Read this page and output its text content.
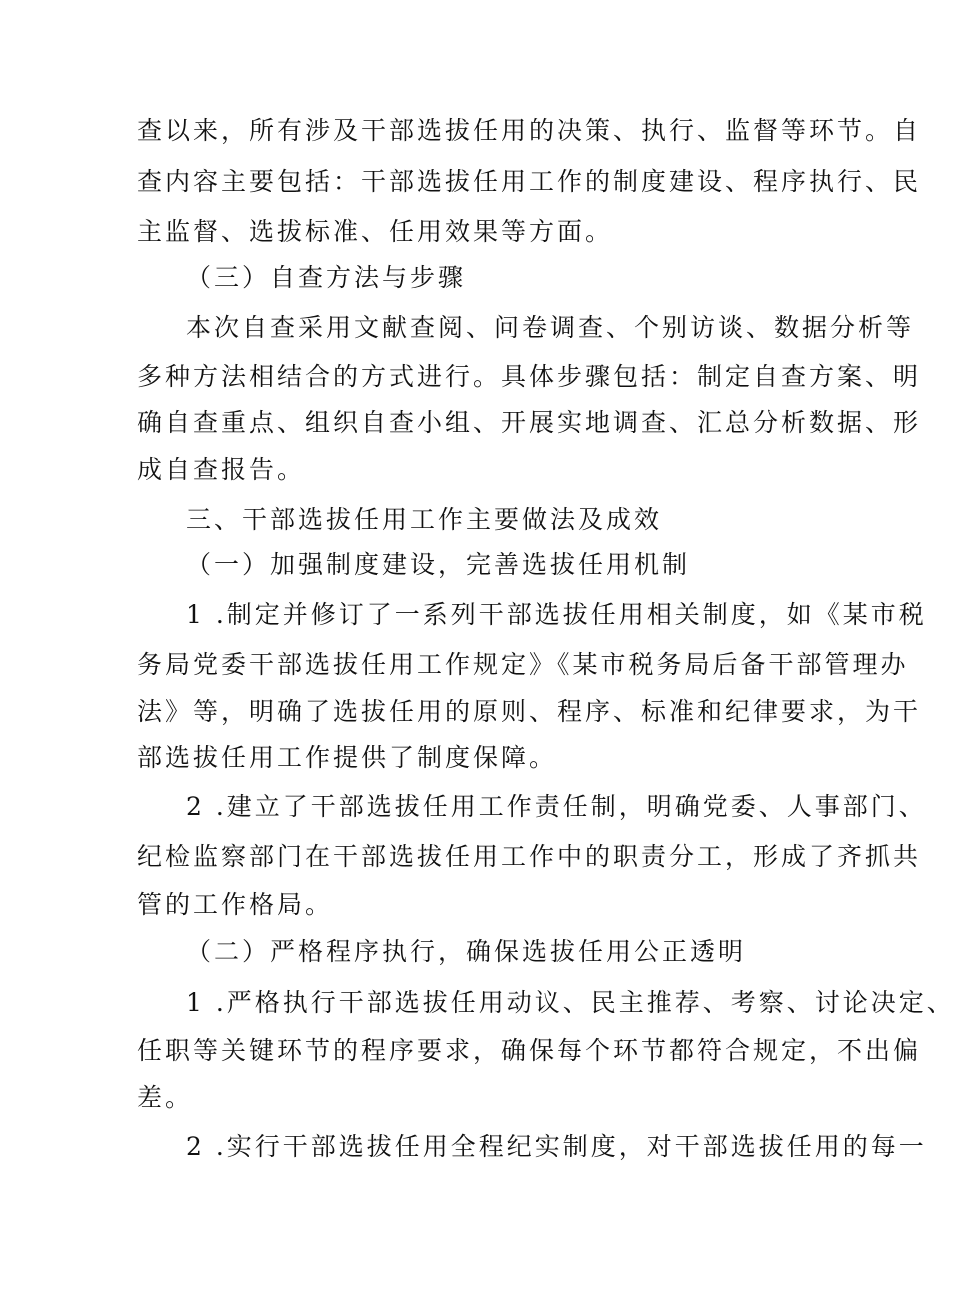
查以来，所有涉及干部选拔任用的决策、执行、监督等环节。自
查内容主要包括：干部选拔任用工作的制度建设、程序执行、民
主监督、选拔标准、任用效果等方面。
（三）自查方法与步骤
本次自查采用文献查阅、问卷调查、个别访谈、数据分析等
多种方法相结合的方式进行。具体步骤包括：制定自查方案、明
确自查重点、组织自查小组、开展实地调查、汇总分析数据、形
成自查报告。
三、干部选拔任用工作主要做法及成效
（一）加强制度建设，完善选拔任用机制
1 .制定并修订了一系列干部选拔任用相关制度，如《某市税
务局党委干部选拔任用工作规定》《某市税务局后备干部管理办
法》等，明确了选拔任用的原则、程序、标准和纪律要求，为干
部选拔任用工作提供了制度保障。
2 .建立了干部选拔任用工作责任制，明确党委、人事部门、
纪检监察部门在干部选拔任用工作中的职责分工，形成了齐抓共
管的工作格局。
（二）严格程序执行，确保选拔任用公正透明
1 .严格执行干部选拔任用动议、民主推荐、考察、讨论决定、
任职等关键环节的程序要求，确保每个环节都符合规定，不出偏
差。
2 .实行干部选拔任用全程纪实制度，对干部选拔任用的每一
